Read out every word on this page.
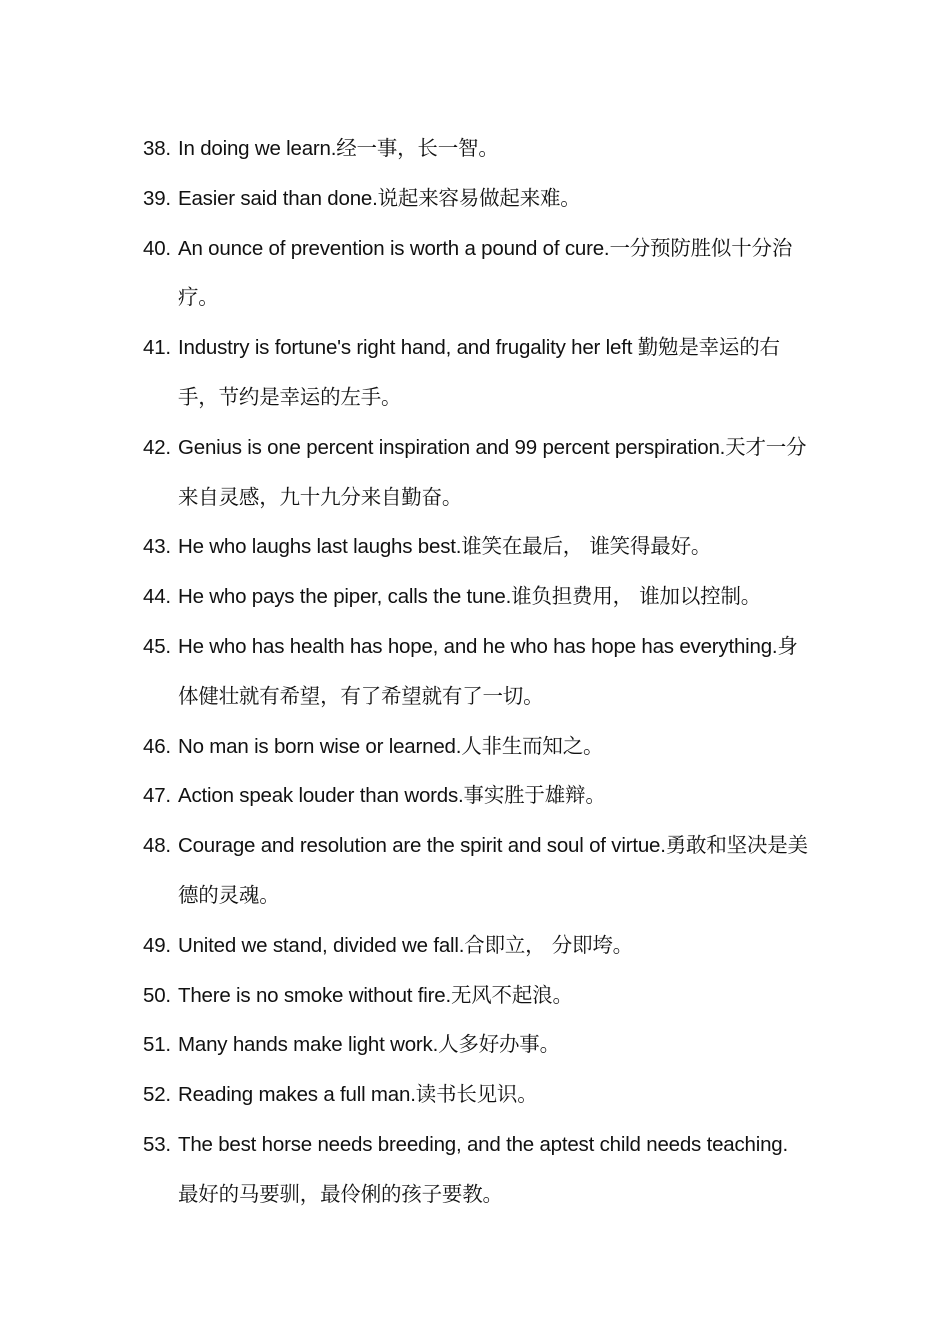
38. In doing we learn.经一事，长一智。
39. Easier said than done.说起来容易做起来难。
40. An ounce of prevention is worth a pound of cure.一分预防胜似十分治疗。
41. Industry is fortune's right hand, and frugality her left 勤勉是幸运的右手，节约是幸运的左手。
42. Genius is one percent inspiration and 99 percent perspiration.天才一分来自灵感，九十九分来自勤奋。
43. He who laughs last laughs best.谁笑在最后， 谁笑得最好。
44. He who pays the piper, calls the tune.谁负担费用， 谁加以控制。
45. He who has health has hope, and he who has hope has everything.身体健壮就有希望，有了希望就有了一切。
46. No man is born wise or learned.人非生而知之。
47. Action speak louder than words.事实胜于雄辩。
48. Courage and resolution are the spirit and soul of virtue.勇敢和坚决是美德的灵魂。
49. United we stand, divided we fall.合即立， 分即垮。
50. There is no smoke without fire.无风不起浪。
51. Many hands make light work.人多好办事。
52. Reading makes a full man.读书长见识。
53. The best horse needs breeding, and the aptest child needs teaching.最好的马要驯，最伶俐的孩子要教。
